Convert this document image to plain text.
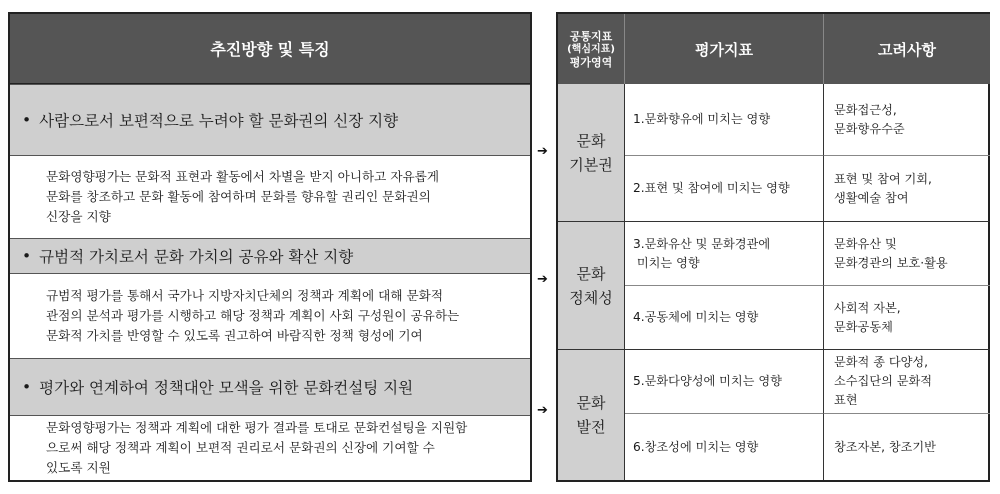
추진방향 및 특징
• 사람으로서 보편적으로 누려야 할 문화권의 신장 지향
문화영향평가는 문화적 표현과 활동에서 차별을 받지 아니하고 자유롭게
문화를 창조하고 문화 활동에 참여하며 문화를 향유할 권리인 문화권의
신장을 지향
• 규범적 가치로서 문화 가치의 공유와 확산 지향
규범적 평가를 통해서 국가나 지방자치단체의 정책과 계획에 대해 문화적
관점의 분석과 평가를 시행하고 해당 정책과 계획이 사회 구성원이 공유하는
문화적 가치를 반영할 수 있도록 권고하여 바람직한 정책 형성에 기여
• 평가와 연계하여 정책대안 모색을 위한 문화컨설팅 지원
문화영향평가는 정책과 계획에 대한 평가 결과를 토대로 문화컨설팅을 지원함
으로써 해당 정책과 계획이 보편적 권리로서 문화권의 신장에 기여할 수
있도록 지원
➔
➔
➔
공통지표
(핵심지표)
평가영역
평가지표	고려사항
문화
기본권
문화
정체성
문화
발전
1.문화향유에 미치는 영향
문화접근성,
문화향유수준
2.표현 및 참여에 미치는 영향
표현 및 참여 기회,
생활예술 참여
3.문화유산 및 문화경관에
미치는 영향
문화유산 및
문화경관의 보호·활용
4.공동체에 미치는 영향
사회적 자본,
문화공동체
5.문화다양성에 미치는 영향
문화적 종 다양성,
소수집단의 문화적
표현
6.창조성에 미치는 영향	창조자본, 창조기반
